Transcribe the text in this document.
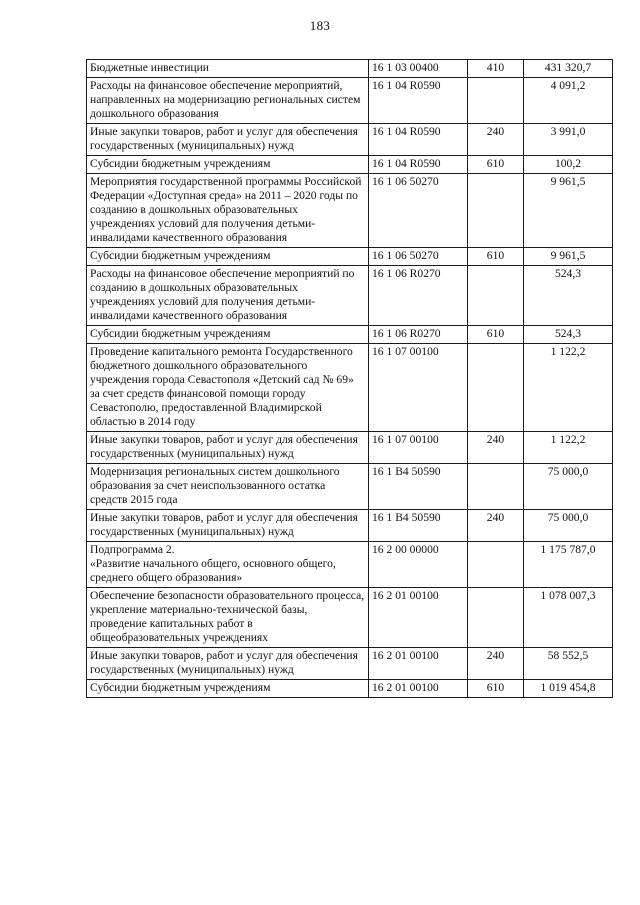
183
Бюджетные инвестиции	16 1 03 00400	410	431 320,7
Расходы на финансовое обеспечение мероприятий, направленных на модернизацию региональных систем дошкольного образования	16 1 04 R0590		4 091,2
Иные закупки товаров, работ и услуг для обеспечения государственных (муниципальных) нужд	16 1 04 R0590	240	3 991,0
Субсидии бюджетным учреждениям	16 1 04 R0590	610	100,2
Мероприятия государственной программы Российской Федерации «Доступная среда» на 2011 – 2020 годы по созданию в дошкольных образовательных учреждениях условий для получения детьми-инвалидами качественного образования	16 1 06 50270		9 961,5
Субсидии бюджетным учреждениям	16 1 06 50270	610	9 961,5
Расходы на финансовое обеспечение мероприятий по созданию в дошкольных образовательных учреждениях условий для получения детьми-инвалидами качественного образования	16 1 06 R0270		524,3
Субсидии бюджетным учреждениям	16 1 06 R0270	610	524,3
Проведение капитального ремонта Государственного бюджетного дошкольного образовательного учреждения города Севастополя «Детский сад № 69» за счет средств финансовой помощи городу Севастополю, предоставленной Владимирской областью в 2014 году	16 1 07 00100		1 122,2
Иные закупки товаров, работ и услуг для обеспечения государственных (муниципальных) нужд	16 1 07 00100	240	1 122,2
Модернизация региональных систем дошкольного образования за счет неиспользованного остатка средств 2015 года	16 1 В4 50590		75 000,0
Иные закупки товаров, работ и услуг для обеспечения государственных (муниципальных) нужд	16 1 В4 50590	240	75 000,0
Подпрограмма 2.
«Развитие начального общего, основного общего, среднего общего образования»	16 2 00 00000		1 175 787,0
Обеспечение безопасности образовательного процесса, укрепление материально-технической базы, проведение капитальных работ в общеобразовательных учреждениях	16 2 01 00100		1 078 007,3
Иные закупки товаров, работ и услуг для обеспечения государственных (муниципальных) нужд	16 2 01 00100	240	58 552,5
Субсидии бюджетным учреждениям	16 2 01 00100	610	1 019 454,8
